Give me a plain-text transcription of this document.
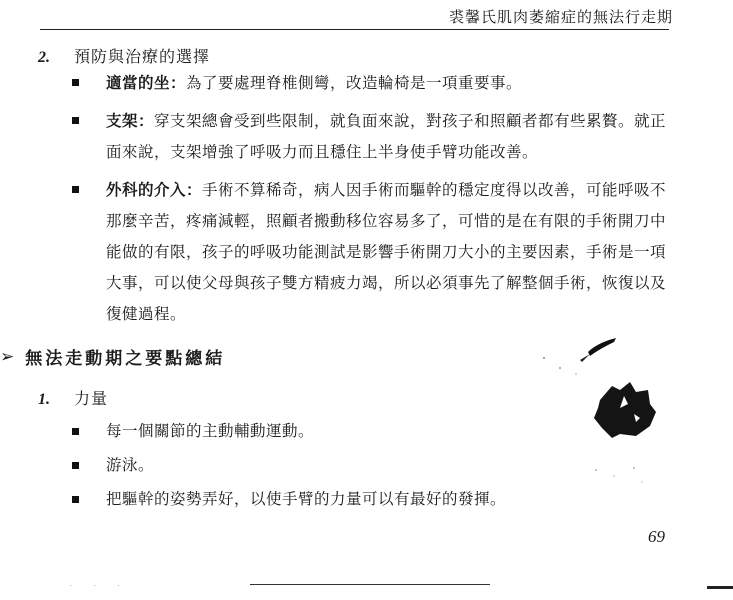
裘馨氏肌肉萎縮症的無法行走期
2.	預防與治療的選擇
適當的坐：為了要處理脊椎側彎，改造輪椅是一項重要事。
支架：穿支架總會受到些限制，就負面來說，對孩子和照顧者都有些累贅。就正面來說，支架增強了呼吸力而且穩住上半身使手臂功能改善。
外科的介入：手術不算稀奇，病人因手術而驅幹的穩定度得以改善，可能呼吸不那麼辛苦，疼痛減輕，照顧者搬動移位容易多了，可惜的是在有限的手術開刀中能做的有限，孩子的呼吸功能測試是影響手術開刀大小的主要因素，手術是一項大事，可以使父母與孩子雙方精疲力竭，所以必須事先了解整個手術，恢復以及復健過程。
➢ 無法走動期之要點總結
1.	力量
每一個關節的主動輔動運動。
游泳。
把驅幹的姿勢弄好，以使手臂的力量可以有最好的發揮。
69
· · ·
